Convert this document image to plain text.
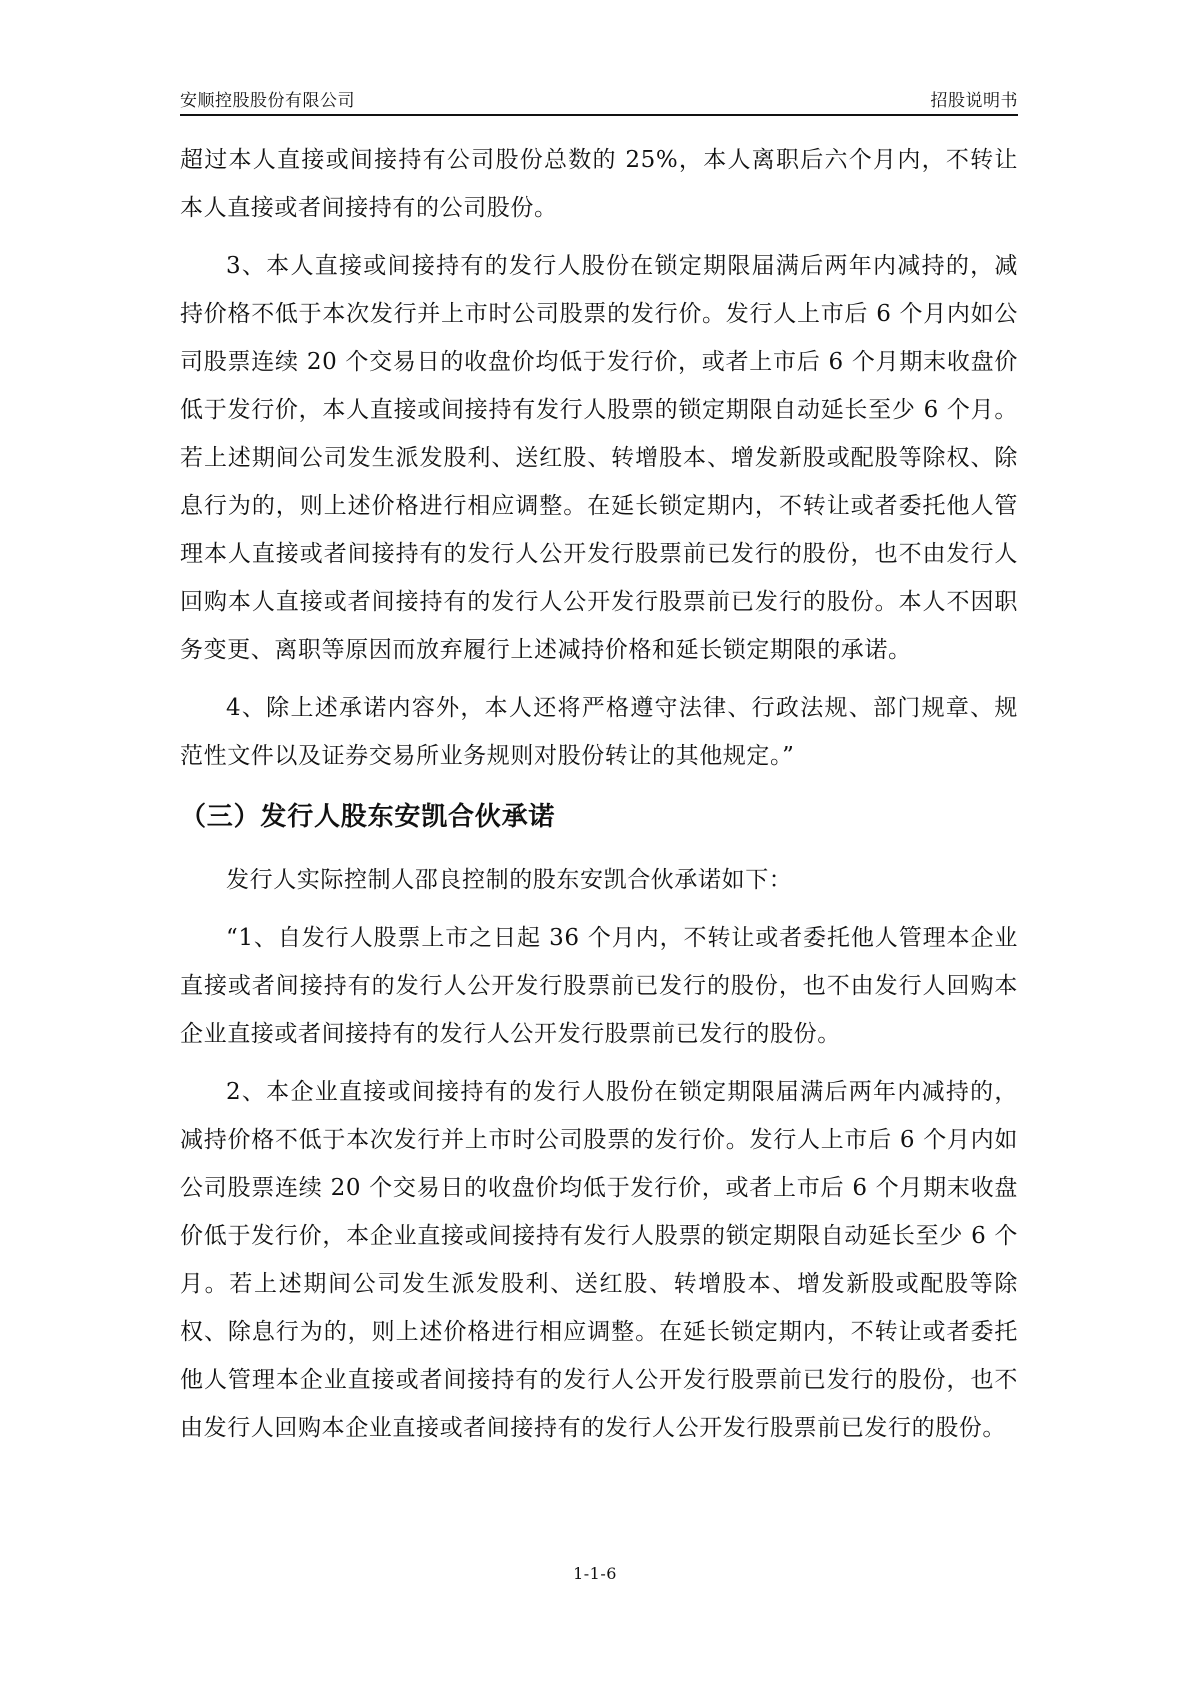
安顺控股股份有限公司	招股说明书

超过本人直接或间接持有公司股份总数的 25%，本人离职后六个月内，不转让本人直接或者间接持有的公司股份。

3、本人直接或间接持有的发行人股份在锁定期限届满后两年内减持的，减持价格不低于本次发行并上市时公司股票的发行价。发行人上市后 6 个月内如公司股票连续 20 个交易日的收盘价均低于发行价，或者上市后 6 个月期末收盘价低于发行价，本人直接或间接持有发行人股票的锁定期限自动延长至少 6 个月。若上述期间公司发生派发股利、送红股、转增股本、增发新股或配股等除权、除息行为的，则上述价格进行相应调整。在延长锁定期内，不转让或者委托他人管理本人直接或者间接持有的发行人公开发行股票前已发行的股份，也不由发行人回购本人直接或者间接持有的发行人公开发行股票前已发行的股份。本人不因职务变更、离职等原因而放弃履行上述减持价格和延长锁定期限的承诺。

4、除上述承诺内容外，本人还将严格遵守法律、行政法规、部门规章、规范性文件以及证券交易所业务规则对股份转让的其他规定。”

（三）发行人股东安凯合伙承诺

发行人实际控制人邵良控制的股东安凯合伙承诺如下：

“1、自发行人股票上市之日起 36 个月内，不转让或者委托他人管理本企业直接或者间接持有的发行人公开发行股票前已发行的股份，也不由发行人回购本企业直接或者间接持有的发行人公开发行股票前已发行的股份。

2、本企业直接或间接持有的发行人股份在锁定期限届满后两年内减持的，减持价格不低于本次发行并上市时公司股票的发行价。发行人上市后 6 个月内如公司股票连续 20 个交易日的收盘价均低于发行价，或者上市后 6 个月期末收盘价低于发行价，本企业直接或间接持有发行人股票的锁定期限自动延长至少 6 个月。若上述期间公司发生派发股利、送红股、转增股本、增发新股或配股等除权、除息行为的，则上述价格进行相应调整。在延长锁定期内，不转让或者委托他人管理本企业直接或者间接持有的发行人公开发行股票前已发行的股份，也不由发行人回购本企业直接或者间接持有的发行人公开发行股票前已发行的股份。

1-1-6
